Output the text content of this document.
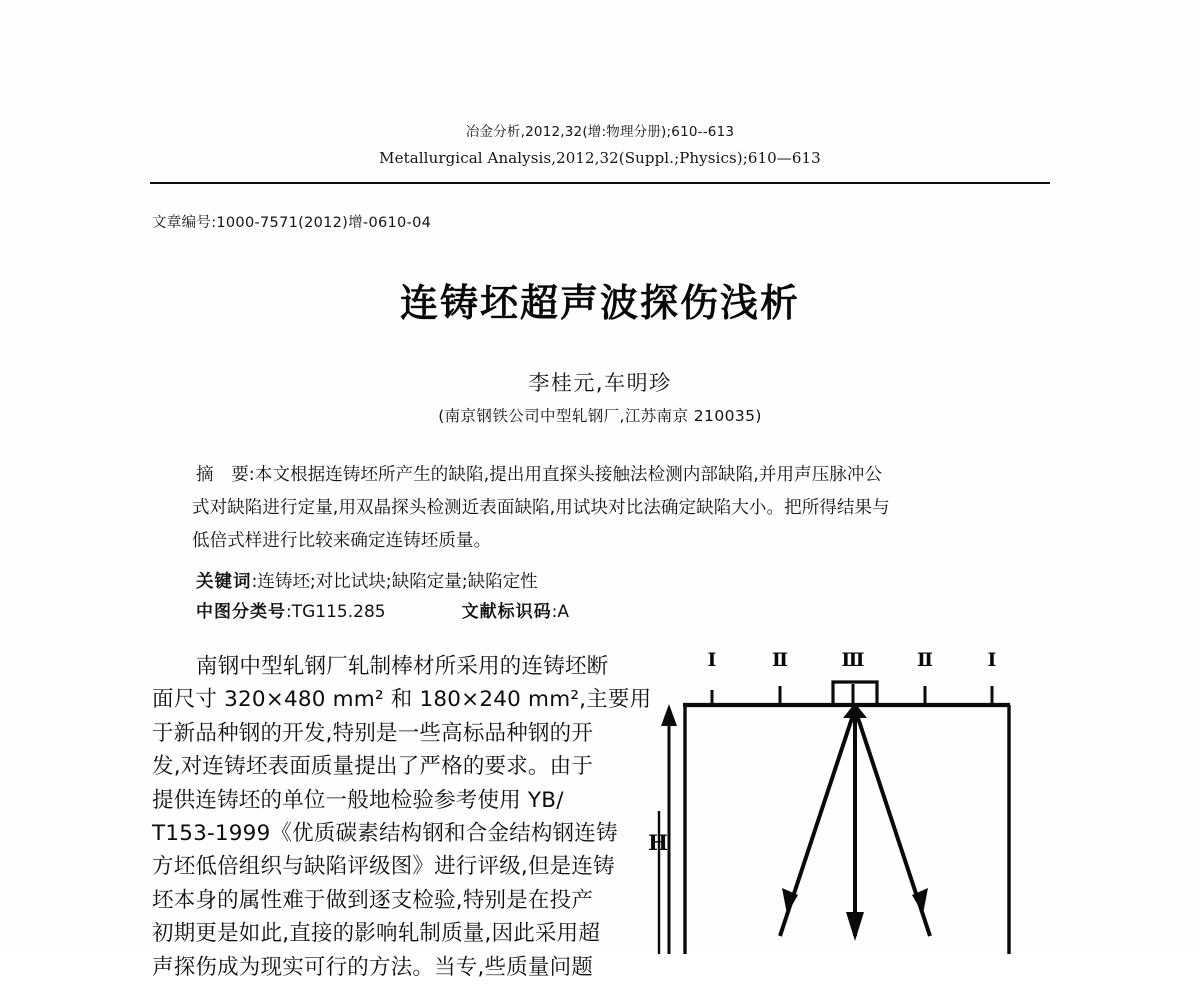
冶金分析,2012,32(增:物理分册);610--613
Metallurgical Analysis,2012,32(Suppl.;Physics);610—613
文章编号:1000-7571(2012)增-0610-04
连铸坯超声波探伤浅析
李桂元,车明珍
(南京钢铁公司中型轧钢厂,江苏南京 210035)
摘　要:本文根据连铸坯所产生的缺陷,提出用直探头接触法检测内部缺陷,并用声压脉冲公
式对缺陷进行定量,用双晶探头检测近表面缺陷,用试块对比法确定缺陷大小。把所得结果与
低倍式样进行比较来确定连铸坯质量。
关键词:连铸坯;对比试块;缺陷定量;缺陷定性
中图分类号:TG115.285	文献标识码:A

南钢中型轧钢厂轧制棒材所采用的连铸坯断

面尺寸 320×480 mm² 和 180×240 mm²,主要用

于新品种钢的开发,特别是一些高标品种钢的开

发,对连铸坯表面质量提出了严格的要求。由于

提供连铸坯的单位一般地检验参考使用 YB/

T153-1999《优质碳素结构钢和合金结构钢连铸

方坯低倍组织与缺陷评级图》进行评级,但是连铸

坯本身的属性难于做到逐支检验,特别是在投产

初期更是如此,直接的影响轧制质量,因此采用超

声探伤成为现实可行的方法。当专,些质量问题

Ⅰ	Ⅱ	Ⅲ	Ⅱ	Ⅰ
H
